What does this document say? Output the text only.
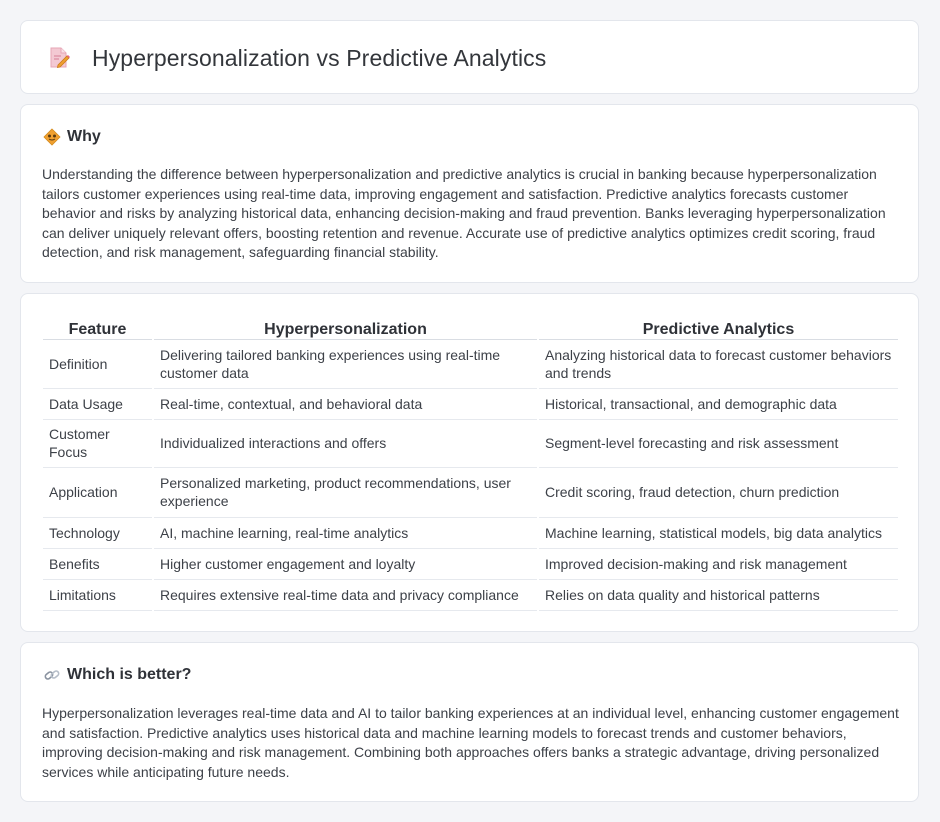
Hyperpersonalization vs Predictive Analytics
Why

Understanding the difference between hyperpersonalization and predictive analytics is crucial in banking because hyperpersonalization tailors customer experiences using real-time data, improving engagement and satisfaction. Predictive analytics forecasts customer behavior and risks by analyzing historical data, enhancing decision-making and fraud prevention. Banks leveraging hyperpersonalization can deliver uniquely relevant offers, boosting retention and revenue. Accurate use of predictive analytics optimizes credit scoring, fraud detection, and risk management, safeguarding financial stability.

Feature	Hyperpersonalization	Predictive Analytics
Definition	Delivering tailored banking experiences using real-time customer data	Analyzing historical data to forecast customer behaviors and trends
Data Usage	Real-time, contextual, and behavioral data	Historical, transactional, and demographic data
Customer Focus	Individualized interactions and offers	Segment-level forecasting and risk assessment
Application	Personalized marketing, product recommendations, user experience	Credit scoring, fraud detection, churn prediction
Technology	AI, machine learning, real-time analytics	Machine learning, statistical models, big data analytics
Benefits	Higher customer engagement and loyalty	Improved decision-making and risk management
Limitations	Requires extensive real-time data and privacy compliance	Relies on data quality and historical patterns
Which is better?

Hyperpersonalization leverages real-time data and AI to tailor banking experiences at an individual level, enhancing customer engagement and satisfaction. Predictive analytics uses historical data and machine learning models to forecast trends and customer behaviors, improving decision-making and risk management. Combining both approaches offers banks a strategic advantage, driving personalized services while anticipating future needs.
